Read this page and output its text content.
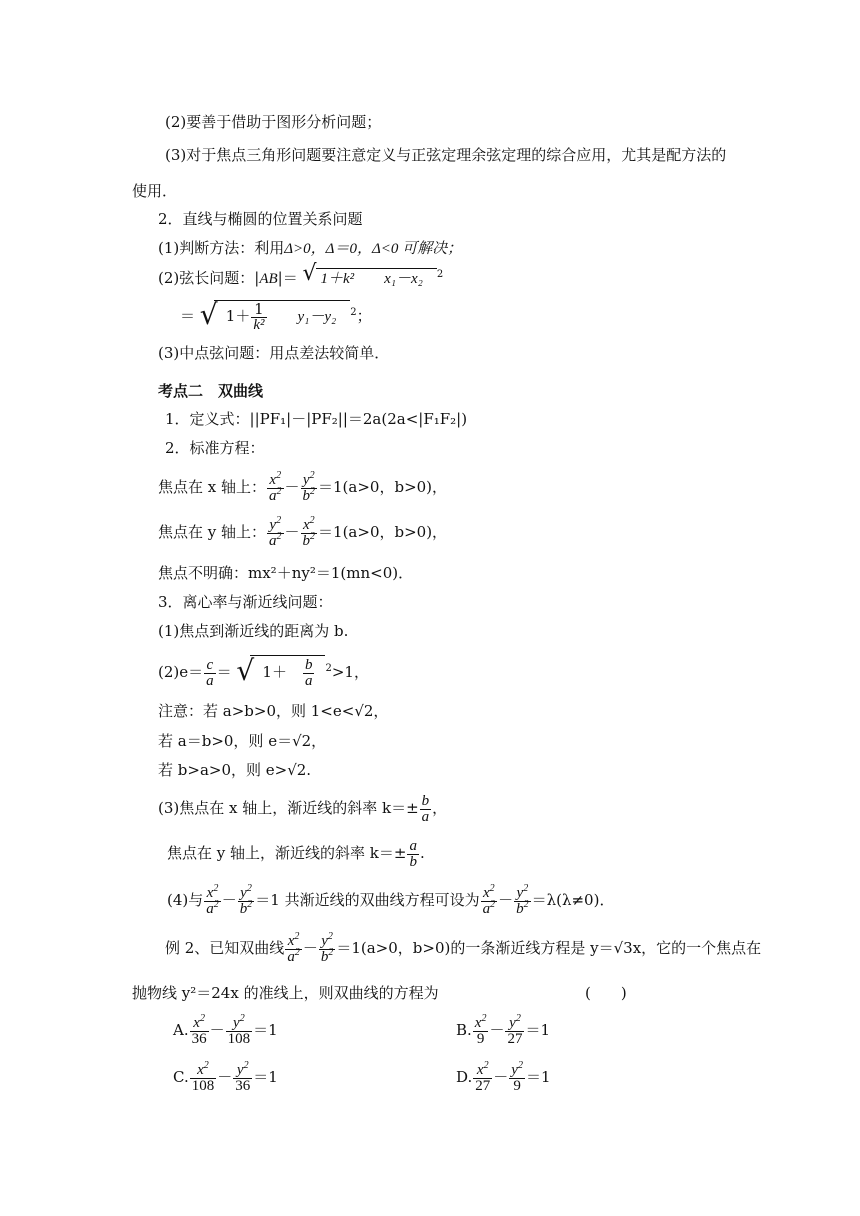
(2)要善于借助于图形分析问题；
(3)对于焦点三角形问题要注意定义与正弦定理余弦定理的综合应用，尤其是配方法的
使用．
2．直线与椭圆的位置关系问题
(1)判断方法：利用Δ>0，Δ＝0，Δ<0 可解决；
(2)弦长问题：|AB|＝ √ 1＋k²　　x₁－x₂ $^2$
＝ √ $1+ \frac{1}{\text{k²}}$
　　 y₁－y₂ $^2$；
(3)中点弦问题：用点差法较简单．
考点二　双曲线
1．定义式：||PF₁|－|PF₂||＝2a(2a<|F₁F₂|)
2．标准方程：
焦点在 x 轴上： $\frac{x^2}{a^2} - \frac{y^2}{b^2} =1(a>0$，b>0)，
焦点在 y 轴上： $\frac{y^2}{a^2} - \frac{x^2}{b^2} =1(a>0$，b>0)，
焦点不明确：mx²＋ny²＝1(mn<0)．
3．离心率与渐近线问题：
(1)焦点到渐近线的距离为 b.
$(2)e= \frac{c}{a}$ ＝ √ 1＋　 $\frac{b}{a} ^2>1$，
注意：若 a>b>0，则 1<e<√2，
若 a＝b>0，则 e＝√2，
若 b>a>0，则 e>√2.
(3)焦点在 x 轴上，渐近线的斜率 $k=\pm \frac{b}{a}$ ，
焦点在 y 轴上，渐近线的斜率 $k=\pm \frac{a}{b}$ .
(4)与 $\frac{x^2}{a^2} - \frac{y^2}{b^2} =1$ 共渐近线的双曲线方程可设为 $\frac{x^2}{a^2} - \frac{y^2}{b^2} =\lambda(\lambda\ne 0)$．
例 2、已知双曲线 $\frac{x^2}{a^2} - \frac{y^2}{b^2} =1(a>0$，b>0)的一条渐近线方程是 y＝√3x，它的一个焦点在
抛物线 y²＝24x 的准线上，则双曲线的方程为	(　　)
A. $\frac{x^2}{36} - \frac{y^2}{108} =1$	B. $\frac{x^2}{9} - \frac{y^2}{27} =1$
C. $\frac{x^2}{108} - \frac{y^2}{36} =1$	D. $\frac{x^2}{27} - \frac{y^2}{9} =1$
